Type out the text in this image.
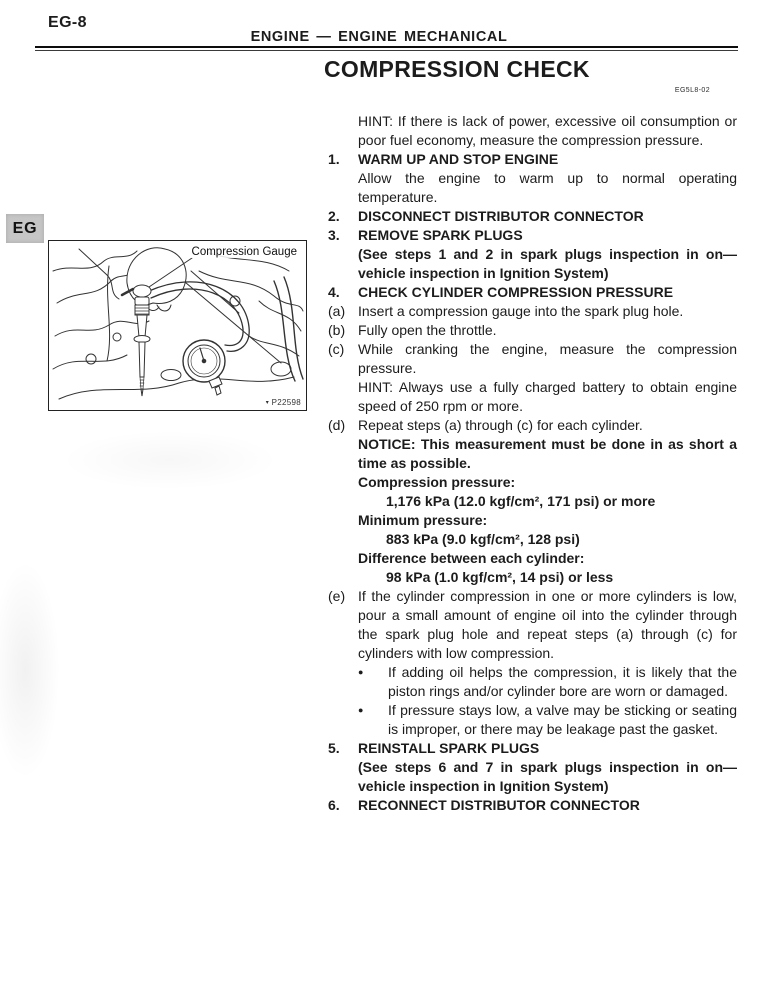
EG-8
ENGINE — ENGINE MECHANICAL
COMPRESSION CHECK
EG5L8-02
EG
Compression Gauge
▾ P22598
HINT: If there is lack of power, excessive oil consumption or poor fuel economy, measure the compression pressure.
1.	WARM UP AND STOP ENGINE
Allow the engine to warm up to normal operating temperature.
2.	DISCONNECT DISTRIBUTOR CONNECTOR
3.	REMOVE SPARK PLUGS
(See steps 1 and 2 in spark plugs inspection in on—vehicle inspection in Ignition System)
4.	CHECK CYLINDER COMPRESSION PRESSURE
(a) Insert a compression gauge into the spark plug hole.
(b) Fully open the throttle.
(c) While cranking the engine, measure the compression pressure.
HINT: Always use a fully charged battery to obtain engine speed of 250 rpm or more.
(d) Repeat steps (a) through (c) for each cylinder.
NOTICE: This measurement must be done in as short a time as possible.
Compression pressure:
1,176 kPa (12.0 kgf/cm², 171 psi) or more
Minimum pressure:
883 kPa (9.0 kgf/cm², 128 psi)
Difference between each cylinder:
98 kPa (1.0 kgf/cm², 14 psi) or less
(e) If the cylinder compression in one or more cylinders is low, pour a small amount of engine oil into the cylinder through the spark plug hole and repeat steps (a) through (c) for cylinders with low compression.
●	If adding oil helps the compression, it is likely that the piston rings and/or cylinder bore are worn or damaged.
●	If pressure stays low, a valve may be sticking or seating is improper, or there may be leakage past the gasket.
5.	REINSTALL SPARK PLUGS
(See steps 6 and 7 in spark plugs inspection in on—vehicle inspection in Ignition System)
6.	RECONNECT DISTRIBUTOR CONNECTOR
